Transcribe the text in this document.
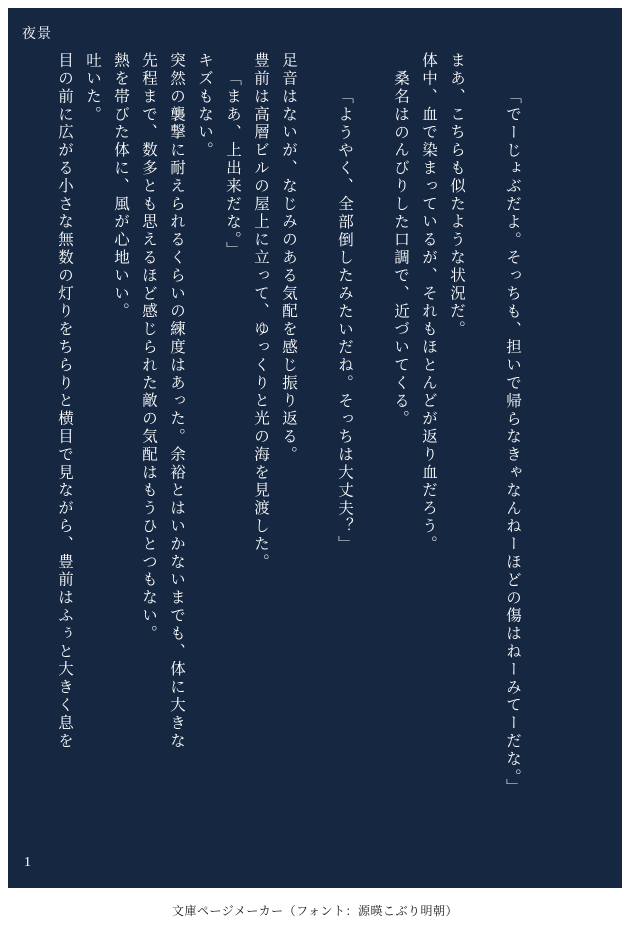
夜景
目の前に広がる小さな無数の灯りをちらりと横目で見ながら、豊前はふぅと大きく息を 吐いた。 熱を帯びた体に、風が心地いい。 先程まで、数多とも思えるほど感じられた敵の気配はもうひとつもない。 突然の襲撃に耐えられるくらいの練度はあった。余裕とはいかないまでも、体に大きな キズもない。 「まあ、上出来だな。」 豊前は高層ビルの屋上に立って、ゆっくりと光の海を見渡した。 足音はないが、なじみのある気配を感じ振り返る。	「ようやく、全部倒したみたいだね。そっちは大丈夫？」	桑名はのんびりした口調で、近づいてくる。 体中、血で染まっているが、それもほとんどが返り血だろう。 まあ、こちらも似たような状況だ。	「でーじょぶだよ。そっちも、担いで帰らなきゃなんねーほどの傷はねーみてーだな。」
1
文庫ページメーカー（フォント：源暎こぶり明朝）
